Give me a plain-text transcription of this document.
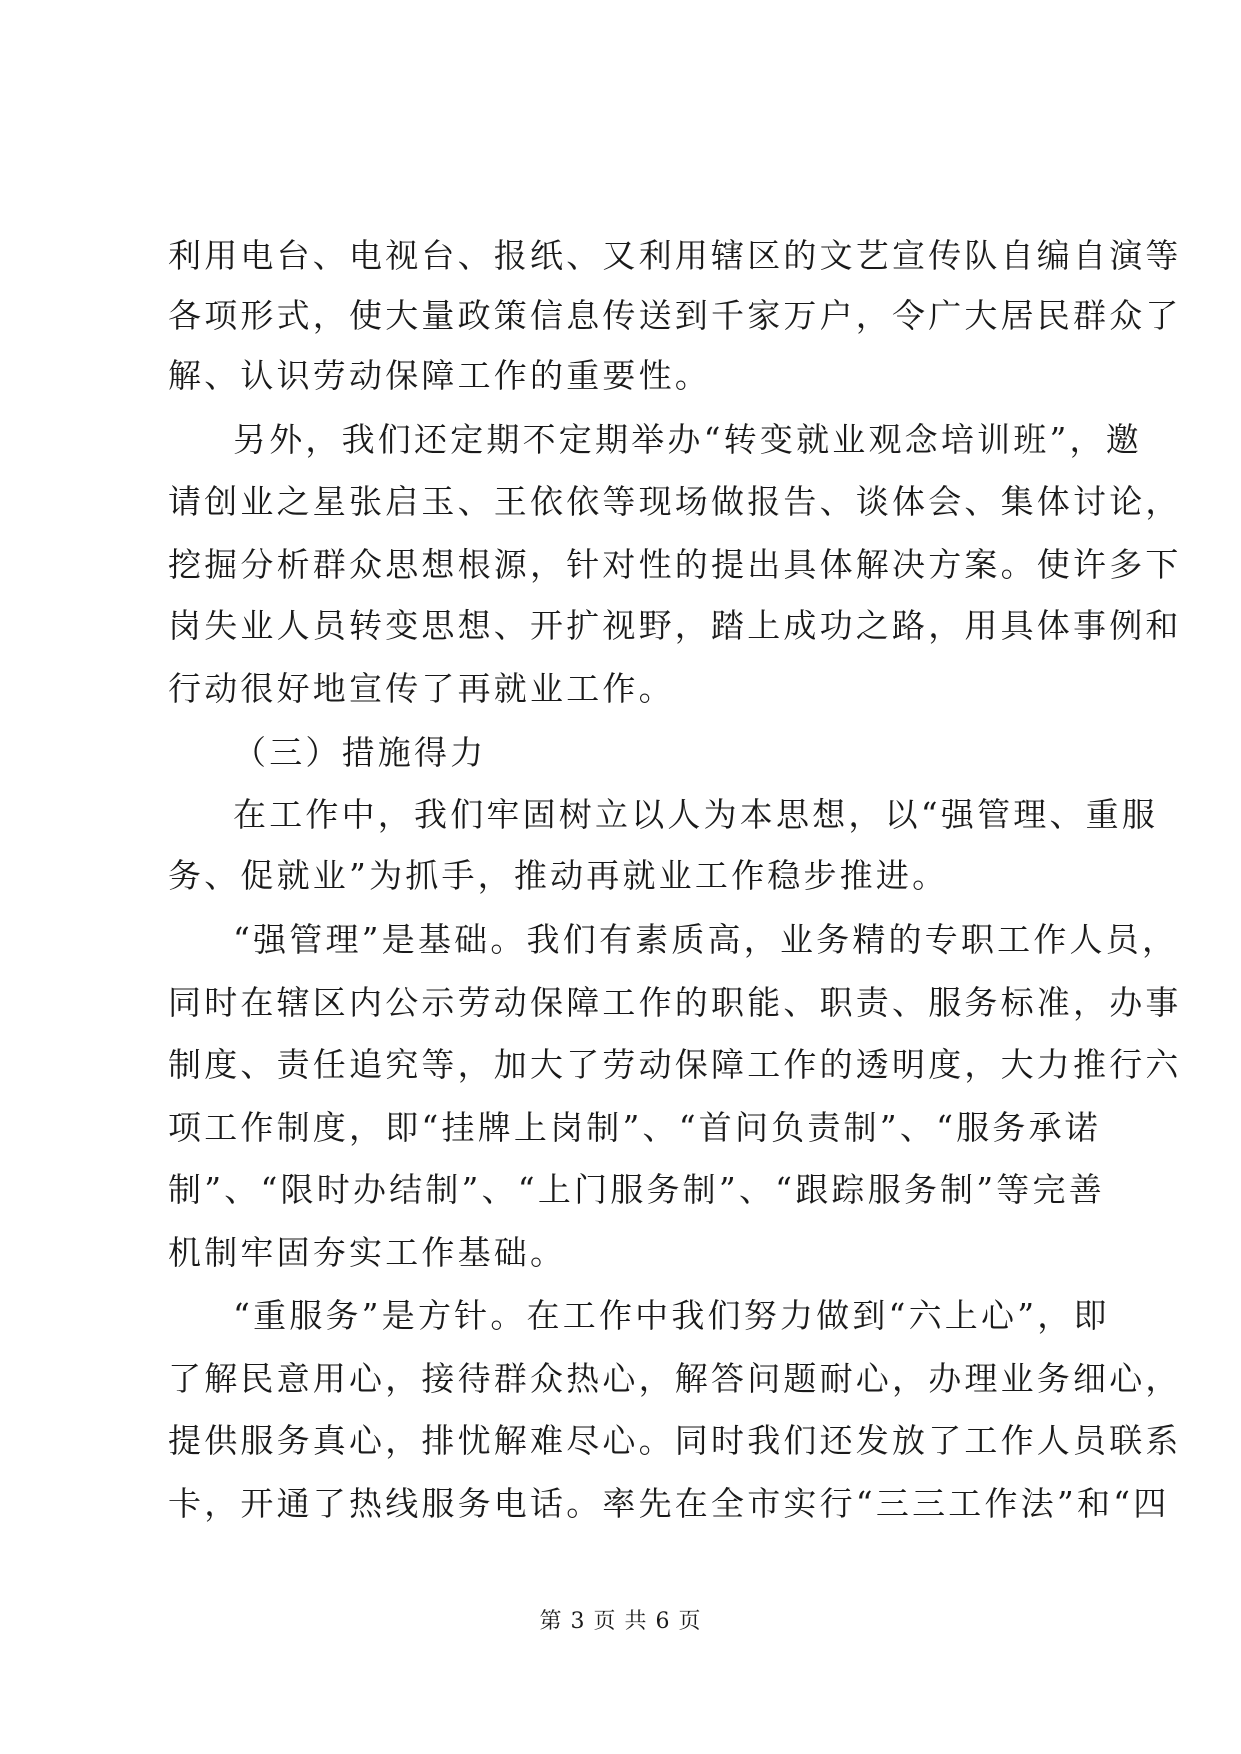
利用电台、电视台、报纸、又利用辖区的文艺宣传队自编自演等
各项形式，使大量政策信息传送到千家万户，令广大居民群众了
解、认识劳动保障工作的重要性。
另外，我们还定期不定期举办“转变就业观念培训班”，邀
请创业之星张启玉、王依依等现场做报告、谈体会、集体讨论，
挖掘分析群众思想根源，针对性的提出具体解决方案。使许多下
岗失业人员转变思想、开扩视野，踏上成功之路，用具体事例和
行动很好地宣传了再就业工作。
（三）措施得力
在工作中，我们牢固树立以人为本思想，以“强管理、重服
务、促就业”为抓手，推动再就业工作稳步推进。
“强管理”是基础。我们有素质高，业务精的专职工作人员，
同时在辖区内公示劳动保障工作的职能、职责、服务标准，办事
制度、责任追究等，加大了劳动保障工作的透明度，大力推行六
项工作制度，即“挂牌上岗制”、“首问负责制”、“服务承诺
制”、“限时办结制”、“上门服务制”、“跟踪服务制”等完善
机制牢固夯实工作基础。
“重服务”是方针。在工作中我们努力做到“六上心”，即
了解民意用心，接待群众热心，解答问题耐心，办理业务细心，
提供服务真心，排忧解难尽心。同时我们还发放了工作人员联系
卡，开通了热线服务电话。率先在全市实行“三三工作法”和“四
第 3 页 共 6 页
